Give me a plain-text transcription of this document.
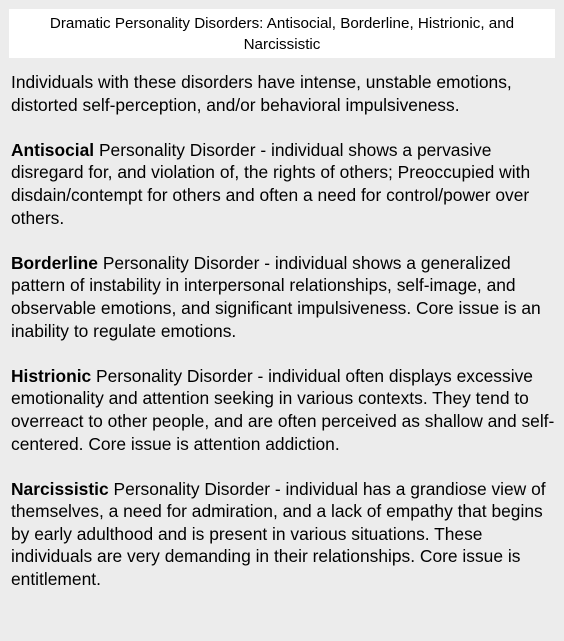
Dramatic Personality Disorders: Antisocial, Borderline, Histrionic, and
Narcissistic

Individuals with these disorders have intense, unstable emotions, distorted self-perception, and/or behavioral impulsiveness.

Antisocial Personality Disorder - individual shows a pervasive disregard for, and violation of, the rights of others; Preoccupied with disdain/contempt for others and often a need for control/power over others.

Borderline Personality Disorder - individual shows a generalized pattern of instability in interpersonal relationships, self-image, and observable emotions, and significant impulsiveness. Core issue is an inability to regulate emotions.

Histrionic Personality Disorder - individual often displays excessive emotionality and attention seeking in various contexts. They tend to overreact to other people, and are often perceived as shallow and self-centered. Core issue is attention addiction.

Narcissistic Personality Disorder - individual has a grandiose view of themselves, a need for admiration, and a lack of empathy that begins by early adulthood and is present in various situations. These individuals are very demanding in their relationships. Core issue is entitlement.
